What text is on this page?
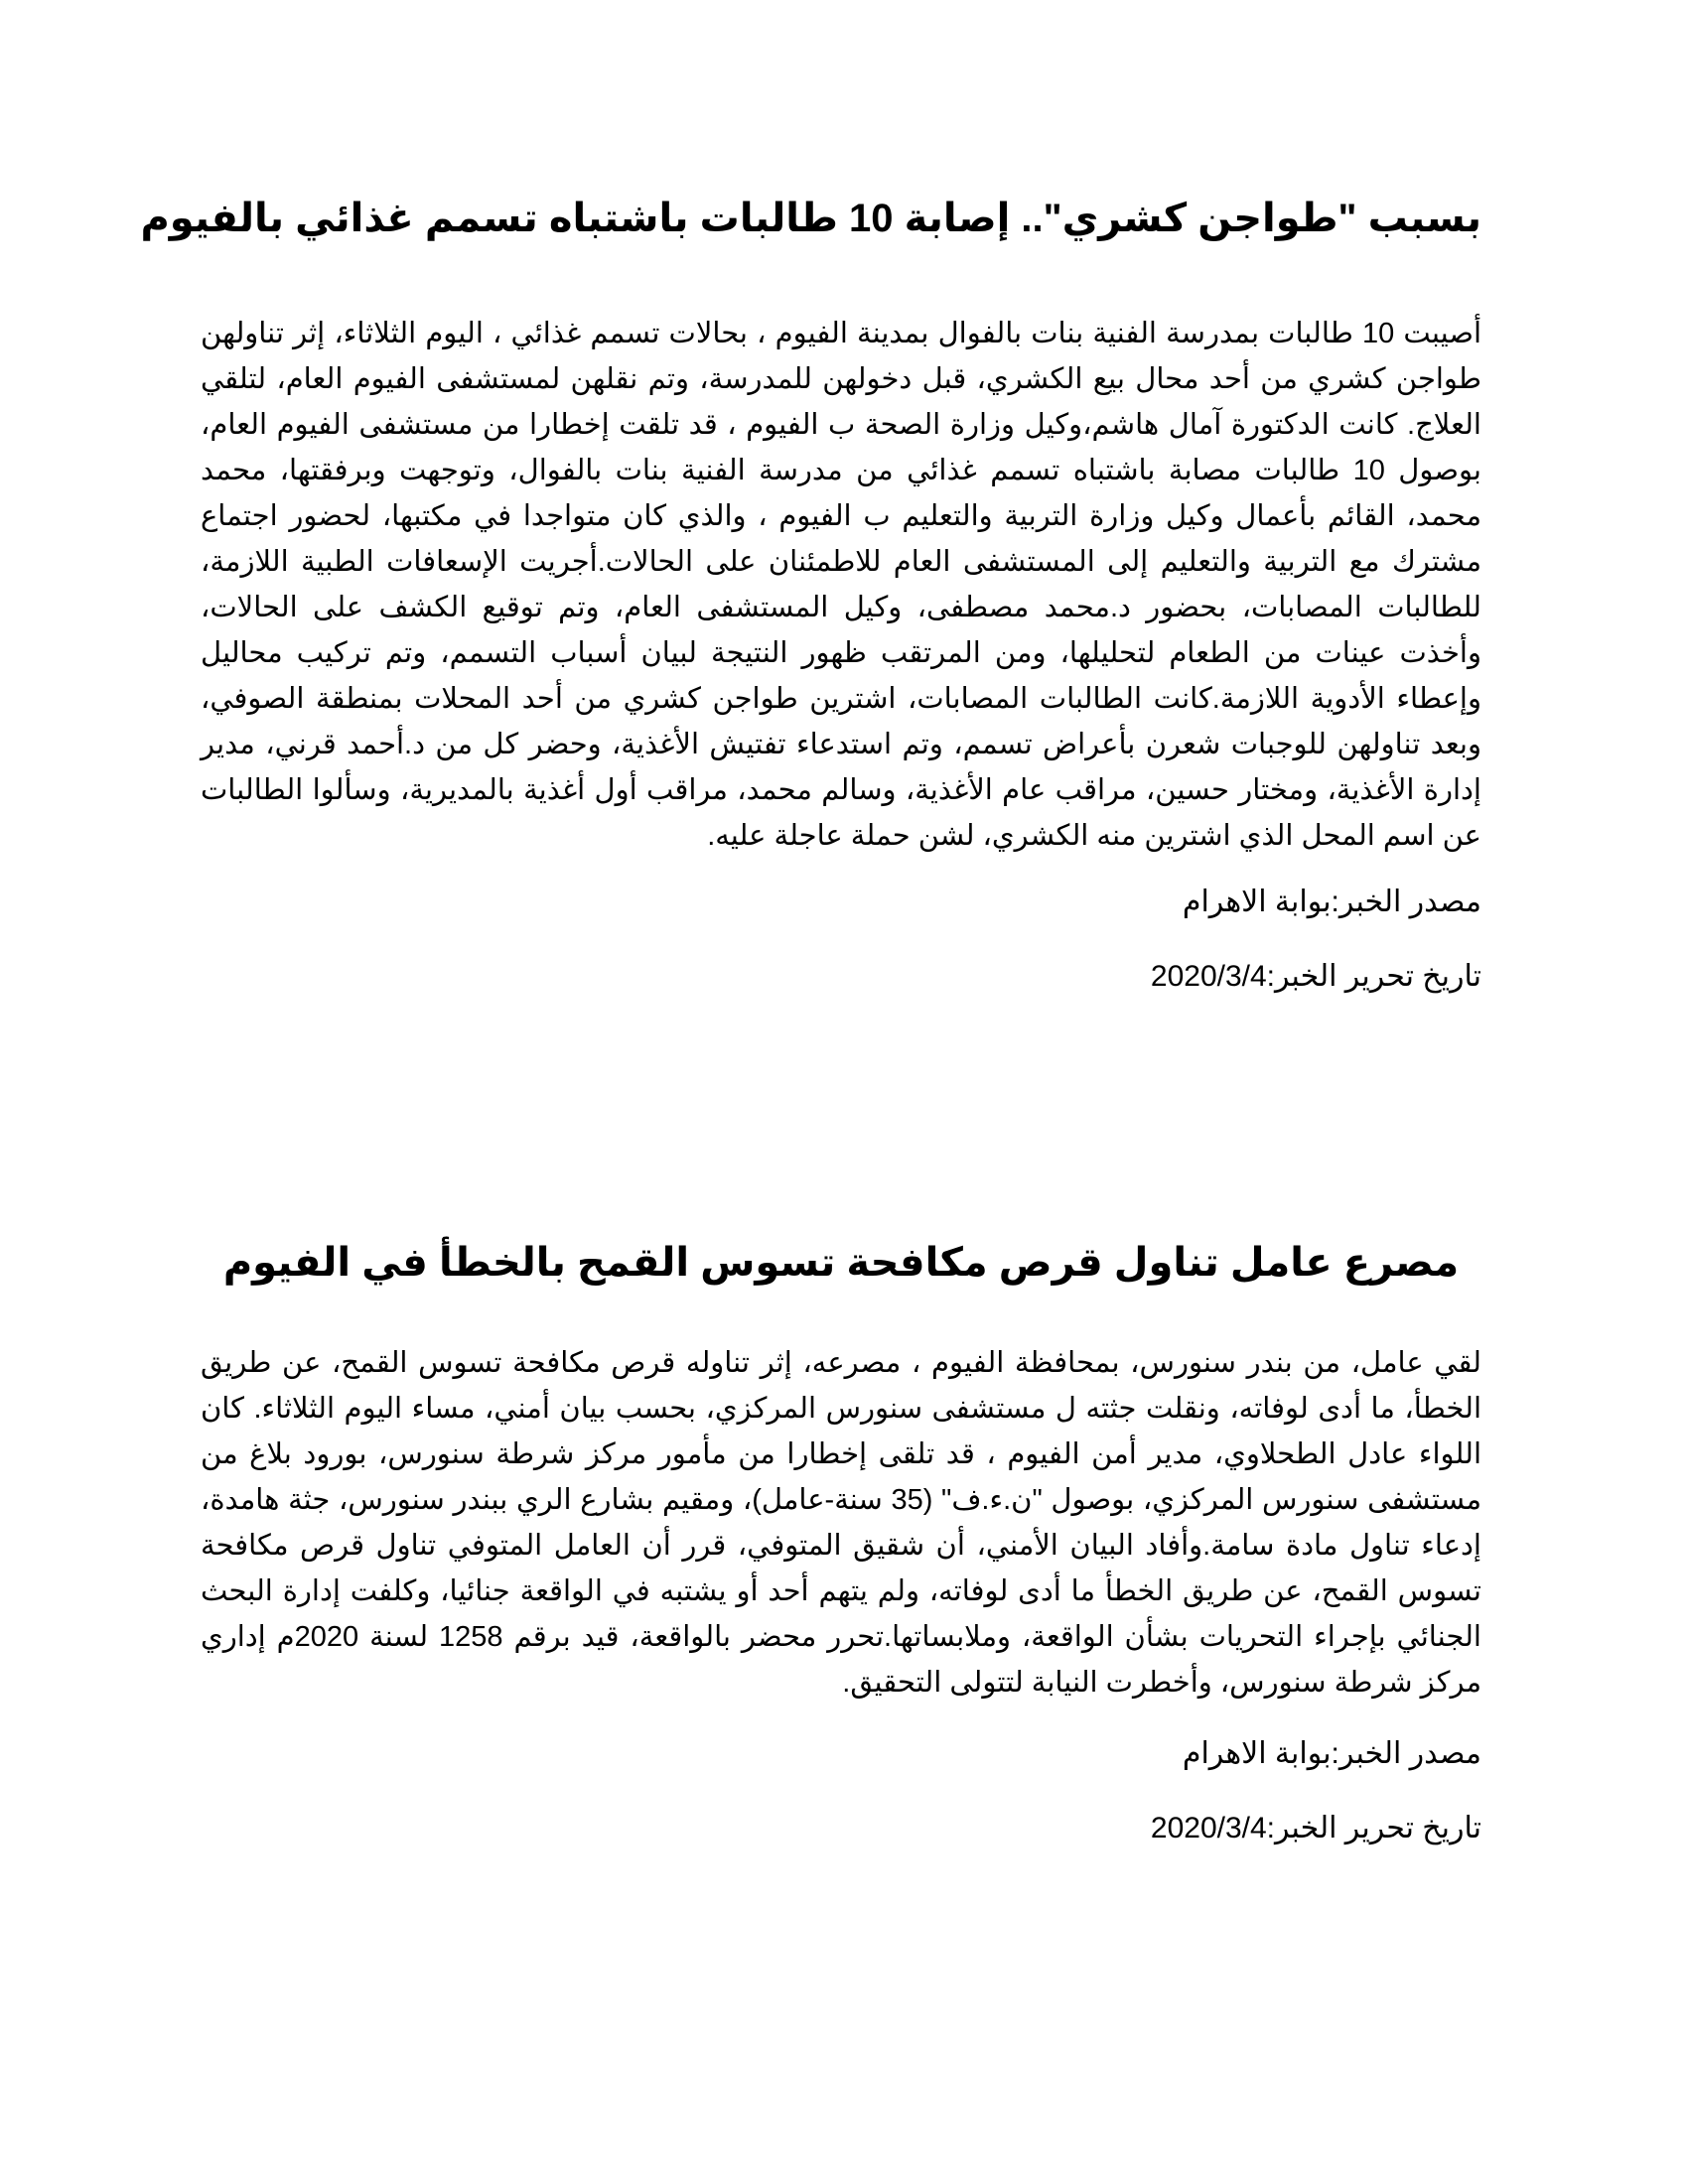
بسبب "طواجن كشري".. إصابة 10 طالبات باشتباه تسمم غذائي بالفيوم

أصيبت 10 طالبات بمدرسة الفنية بنات بالفوال بمدينة الفيوم ، بحالات تسمم غذائي ، اليوم الثلاثاء، إثر تناولهن طواجن كشري من أحد محال بيع الكشري، قبل دخولهن للمدرسة، وتم نقلهن لمستشفى الفيوم العام، لتلقي العلاج. كانت الدكتورة آمال هاشم،وكيل وزارة الصحة ب الفيوم ، قد تلقت إخطارا من مستشفى الفيوم العام، بوصول 10 طالبات مصابة باشتباه تسمم غذائي من مدرسة الفنية بنات بالفوال، وتوجهت وبرفقتها، محمد محمد، القائم بأعمال وكيل وزارة التربية والتعليم ب الفيوم ، والذي كان متواجدا في مكتبها، لحضور اجتماع مشترك مع التربية والتعليم إلى المستشفى العام للاطمئنان على الحالات.أجريت الإسعافات الطبية اللازمة، للطالبات المصابات، بحضور د.محمد مصطفى، وكيل المستشفى العام، وتم توقيع الكشف على الحالات، وأخذت عينات من الطعام لتحليلها، ومن المرتقب ظهور النتيجة لبيان أسباب التسمم، وتم تركيب محاليل وإعطاء الأدوية اللازمة.كانت الطالبات المصابات، اشترين طواجن كشري من أحد المحلات بمنطقة الصوفي، وبعد تناولهن للوجبات شعرن بأعراض تسمم، وتم استدعاء تفتيش الأغذية، وحضر كل من د.أحمد قرني، مدير إدارة الأغذية، ومختار حسين، مراقب عام الأغذية، وسالم محمد، مراقب أول أغذية بالمديرية، وسألوا الطالبات عن اسم المحل الذي اشترين منه الكشري، لشن حملة عاجلة عليه.

مصدر الخبر:بوابة الاهرام

تاريخ تحرير الخبر:2020/3/4

مصرع عامل تناول قرص مكافحة تسوس القمح بالخطأ في الفيوم

لقي عامل، من بندر سنورس، بمحافظة الفيوم ، مصرعه، إثر تناوله قرص مكافحة تسوس القمح، عن طريق الخطأ، ما أدى لوفاته، ونقلت جثته ل مستشفى سنورس المركزي، بحسب بيان أمني، مساء اليوم الثلاثاء. كان اللواء عادل الطحلاوي، مدير أمن الفيوم ، قد تلقى إخطارا من مأمور مركز شرطة سنورس، بورود بلاغ من مستشفى سنورس المركزي، بوصول "ن.ء.ف" (35 سنة-عامل)، ومقيم بشارع الري ببندر سنورس، جثة هامدة، إدعاء تناول مادة سامة.وأفاد البيان الأمني، أن شقيق المتوفي، قرر أن العامل المتوفي تناول قرص مكافحة تسوس القمح، عن طريق الخطأ ما أدى لوفاته، ولم يتهم أحد أو يشتبه في الواقعة جنائيا، وكلفت إدارة البحث الجنائي بإجراء التحريات بشأن الواقعة، وملابساتها.تحرر محضر بالواقعة، قيد برقم 1258 لسنة 2020م إداري مركز شرطة سنورس، وأخطرت النيابة لتتولى التحقيق.

مصدر الخبر:بوابة الاهرام

تاريخ تحرير الخبر:2020/3/4
